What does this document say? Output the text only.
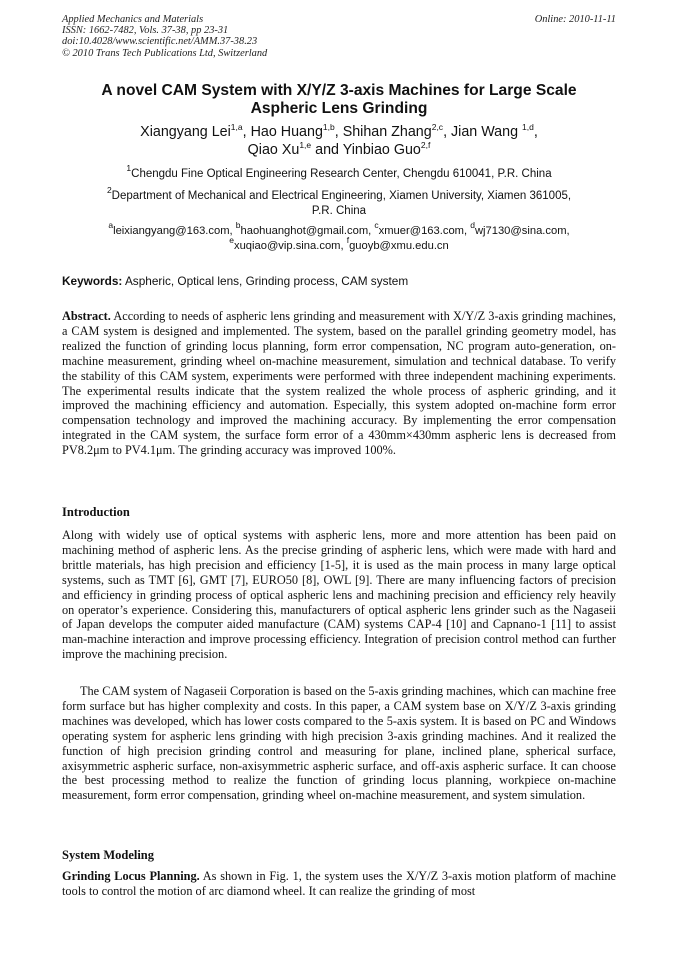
Applied Mechanics and Materials
ISSN: 1662-7482, Vols. 37-38, pp 23-31
doi:10.4028/www.scientific.net/AMM.37-38.23
© 2010 Trans Tech Publications Ltd, Switzerland
Online: 2010-11-11
A novel CAM System with X/Y/Z 3-axis Machines for Large Scale
Aspheric Lens Grinding
Xiangyang Lei$^{1,a}$, Hao Huang$^{1,b}$, Shihan Zhang$^{2,c}$, Jian Wang $^{1,d}$,
Qiao Xu$^{1,e}$ and Yinbiao Guo$^{2,f}$
$^1$Chengdu Fine Optical Engineering Research Center, Chengdu 610041, P.R. China
$^2$Department of Mechanical and Electrical Engineering, Xiamen University, Xiamen 361005,
P.R. China
$^a$leixiangyang@163.com, $^b$haohuanghot@gmail.com, $^c$xmuer@163.com, $^d$wj7130@sina.com,
$^e$xuqiao@vip.sina.com, $^f$guoyb@xmu.edu.cn
Keywords: Aspheric, Optical lens, Grinding process, CAM system
Abstract. According to needs of aspheric lens grinding and measurement with X/Y/Z 3-axis grinding machines, a CAM system is designed and implemented. The system, based on the parallel grinding geometry model, has realized the function of grinding locus planning, form error compensation, NC program auto-generation, on-machine measurement, grinding wheel on-machine measurement, simulation and technical database. To verify the stability of this CAM system, experiments were performed with three independent machining experiments. The experimental results indicate that the system realized the whole process of aspheric grinding, and it improved the machining efficiency and automation. Especially, this system adopted on-machine form error compensation technology and improved the machining accuracy. By implementing the error compensation integrated in the CAM system, the surface form error of a 430mm×430mm aspheric lens is decreased from PV8.2μm to PV4.1μm. The grinding accuracy was improved 100%.
Introduction
Along with widely use of optical systems with aspheric lens, more and more attention has been paid on machining method of aspheric lens. As the precise grinding of aspheric lens, which were made with hard and brittle materials, has high precision and efficiency [1-5], it is used as the main process in many large optical systems, such as TMT [6], GMT [7], EURO50 [8], OWL [9]. There are many influencing factors of precision and efficiency in grinding process of optical aspheric lens and machining precision and efficiency rely heavily on operator’s experience. Considering this, manufacturers of optical aspheric lens grinder such as the Nagaseii of Japan develops the computer aided manufacture (CAM) systems CAP-4 [10] and Capnano-1 [11] to assist man-machine interaction and improve processing efficiency. Integration of precision control method can further improve the machining precision.
The CAM system of Nagaseii Corporation is based on the 5-axis grinding machines, which can machine free form surface but has higher complexity and costs. In this paper, a CAM system base on X/Y/Z 3-axis grinding machines was developed, which has lower costs compared to the 5-axis system. It is based on PC and Windows operating system for aspheric lens grinding with high precision 3-axis grinding machines. And it realized the function of high precision grinding control and measuring for plane, inclined plane, spherical surface, axisymmetric aspheric surface, non-axisymmetric aspheric surface, and off-axis aspheric surface. It can choose the best processing method to realize the function of grinding locus planning, workpiece on-machine measurement, form error compensation, grinding wheel on-machine measurement, and system simulation.
System Modeling
Grinding Locus Planning. As shown in Fig. 1, the system uses the X/Y/Z 3-axis motion platform of machine tools to control the motion of arc diamond wheel. It can realize the grinding of most
